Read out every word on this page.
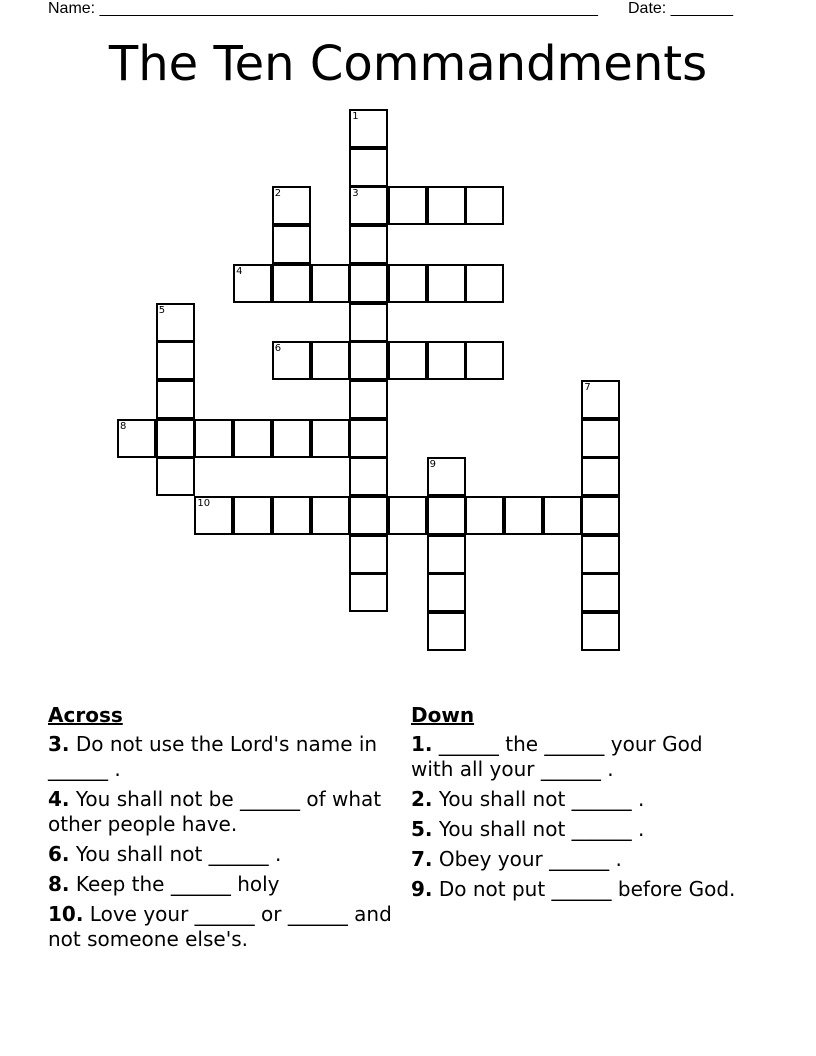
Name: ________________________________________________________ Date: _______
The Ten Commandments
1
2	3
4
5
6
7
8
9
10
Across
3. Do not use the Lord's name in ______ .
4. You shall not be ______ of what other people have.
6. You shall not ______ .
8. Keep the ______ holy
10. Love your ______ or ______ and not someone else's.
Down
1. ______ the ______ your God with all your ______ .
2. You shall not ______ .
5. You shall not ______ .
7. Obey your ______ .
9. Do not put ______ before God.
